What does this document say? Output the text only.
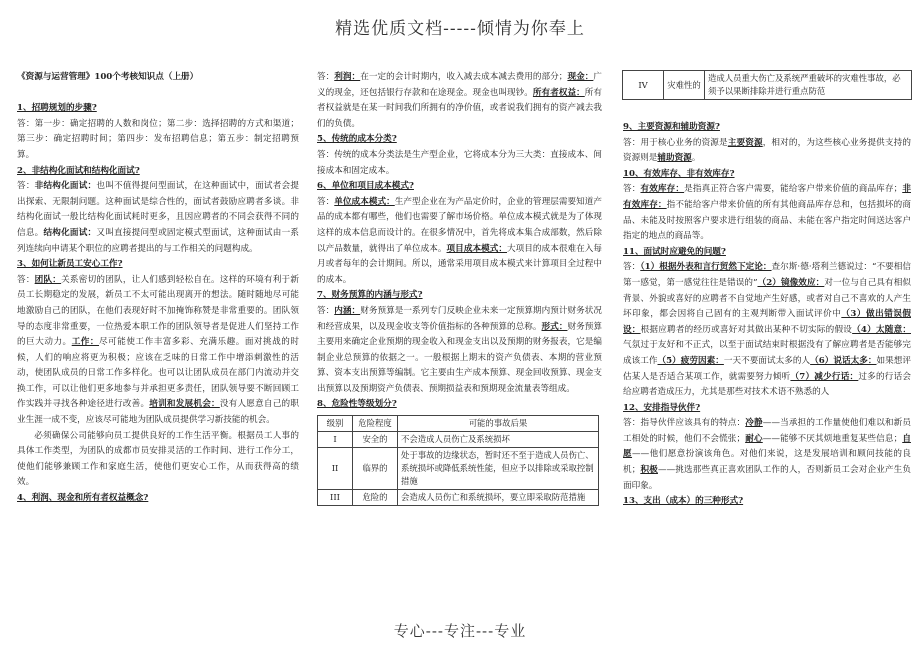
精选优质文档-----倾情为你奉上

《资源与运营管理》100个考核知识点（上册）

1、招聘规划的步骤?

答：第一步：确定招聘的人数和岗位；第二步：选择招聘的方式和渠道；第三步：确定招聘时间；第四步：发布招聘信息；第五步：制定招聘预算。

2、非结构化面试和结构化面试?

答：非结构化面试：也叫不值得提问型面试，在这种面试中，面试者会提出探索、无限制问题。这种面试是综合性的，面试者鼓励应聘者多谈。非结构化面试一般比结构化面试耗时更多，且因应聘者的不同会获得不同的信息。结构化面试：又叫直接提问型或固定模式型面试，这种面试由一系列连续向申请某个职位的应聘者提出的与工作相关的问题构成。

3、如何让新员工安心工作?

答：团队：关系密切的团队，让人们感到轻松自在。这样的环境有利于新员工长期稳定的发展，新员工不太可能出现离开的想法。随时随地尽可能地激励自己的团队，在他们表现好时不加掩饰称赞是非常重要的。团队领导的态度非常重要，一位热爱本职工作的团队领导者是促进人们坚持工作的巨大动力。工作：尽可能使工作丰富多彩、充满乐趣。面对挑战的时候，人们的响应将更为积极；应该在乏味的日常工作中增添刺激性的活动，使团队成员的日常工作多样化。也可以让团队成员在部门内流动并交换工作，可以让他们更多地参与并承担更多责任，团队领导要不断回顾工作实践并寻找各种途径进行改善。培训和发展机会：没有人愿意自己的职业生涯一成不变，应该尽可能地为团队成员提供学习新技能的机会。

必须确保公司能够向员工提供良好的工作生活平衡。根据员工人事的具体工作类型，为团队的成都市员安排灵活的工作时间、进行工作分工，使他们能够兼顾工作和家庭生活，使他们更安心工作，从而获得高的绩效。

4、利润、现金和所有者权益概念?

答：利润：在一定的会计时期内，收入减去成本减去费用的部分；现金：广义的现金，还包括银行存款和在途现金。现金也叫现钞。所有者权益：所有者权益就是在某一时间我们所拥有的净价值，或者说我们拥有的资产减去我们的负债。

5、传统的成本分类?

答：传统的成本分类法是生产型企业，它将成本分为三大类：直接成本、间接成本和固定成本。

6、单位和项目成本模式?

答：单位成本模式：生产型企业在为产品定价时，企业的管理层需要知道产品的成本都有哪些，他们也需要了解市场价格。单位成本模式就是为了体现这样的成本信息而设计的。在很多情况中，首先将成本集合成部数，然后除以产品数量，就得出了单位成本。项目成本模式：大项目的成本很难在入每月或者每年的会计期间。所以，通常采用项目成本模式来计算项目全过程中的成本。

7、财务预算的内涵与形式?

答：内涵：财务预算是一系列专门反映企业未来一定预算期内预计财务状况和经营成果，以及现金收支等价值指标的各种预算的总称。形式：财务预算主要用来确定企业预期的现金收入和现金支出以及预期的财务报表，它是编制企业总预算的依据之一。一般根据上期末的资产负债表、本期的营业预算、资本支出预算等编制。它主要由生产成本预算、现金回收预算、现金支出预算以及预期资产负债表、预期损益表和预期现金流量表等组成。

8、危险性等级划分?

级别	危险程度	可能的事故后果
I	安全的	不会造成人员伤亡及系统损坏
II	临界的	处于事故的边缘状态，暂时还不至于造成人员伤亡、系统损坏或降低系统性能，但应予以排除或采取控制措施
III	危险的	会造成人员伤亡和系统损坏，要立即采取防范措施
IV	灾难性的	造成人员重大伤亡及系统严重破坏的灾难性事故，必须予以果断排除并进行重点防范

9、主要资源和辅助资源?

答：用于核心业务的资源是主要资源，相对的，为这些核心业务提供支持的资源则是辅助资源。

10、有效库存、非有效库存?

答：有效库存：是指真正符合客户需要，能给客户带来价值的商品库存；非有效库存：指不能给客户带来价值的所有其他商品库存总和，包括损坏的商品、未能及时按照客户要求进行组装的商品、未能在客户指定时间送达客户指定的地点的商品等。

11、面试时应避免的问题?

答：（1）根据外表和言行贸然下定论：查尔斯·德·塔利兰德说过：“不要相信第一感觉，第一感觉往往是错误的”（2）镜像效应：对一位与自己具有相似背景、外貌或喜好的应聘者不自觉地产生好感，或者对自己不喜欢的人产生坏印象，都会因将自己固有的主观判断带入面试评价中（3）做出错误假设：根据应聘者的经历或喜好对其做出某种不切实际的假设（4）太随意：气氛过于友好和不正式，以至于面试结束时根据没有了解应聘者是否能够完成该工作（5）疲劳因素：一天不要面试太多的人（6）说话太多：如果想评估某人是否适合某项工作，就需要努力倾听（7）减少行话：过多的行话会给应聘者造成压力，尤其是那些对技术术语不熟悉的人

12、安排指导伙伴?

答：指导伙伴应该具有的特点：冷静——当承担的工作量使他们难以和新员工相处的时候，他们不会慌张；耐心——能够不厌其烦地重复某些信息；自愿——他们愿意扮演该角色。对他们来说，这是发展培训和顾问技能的良机；积极——挑选那些真正喜欢团队工作的人，否则新员工会对企业产生负面印象。

13、支出（成本）的三种形式?

专心---专注---专业
